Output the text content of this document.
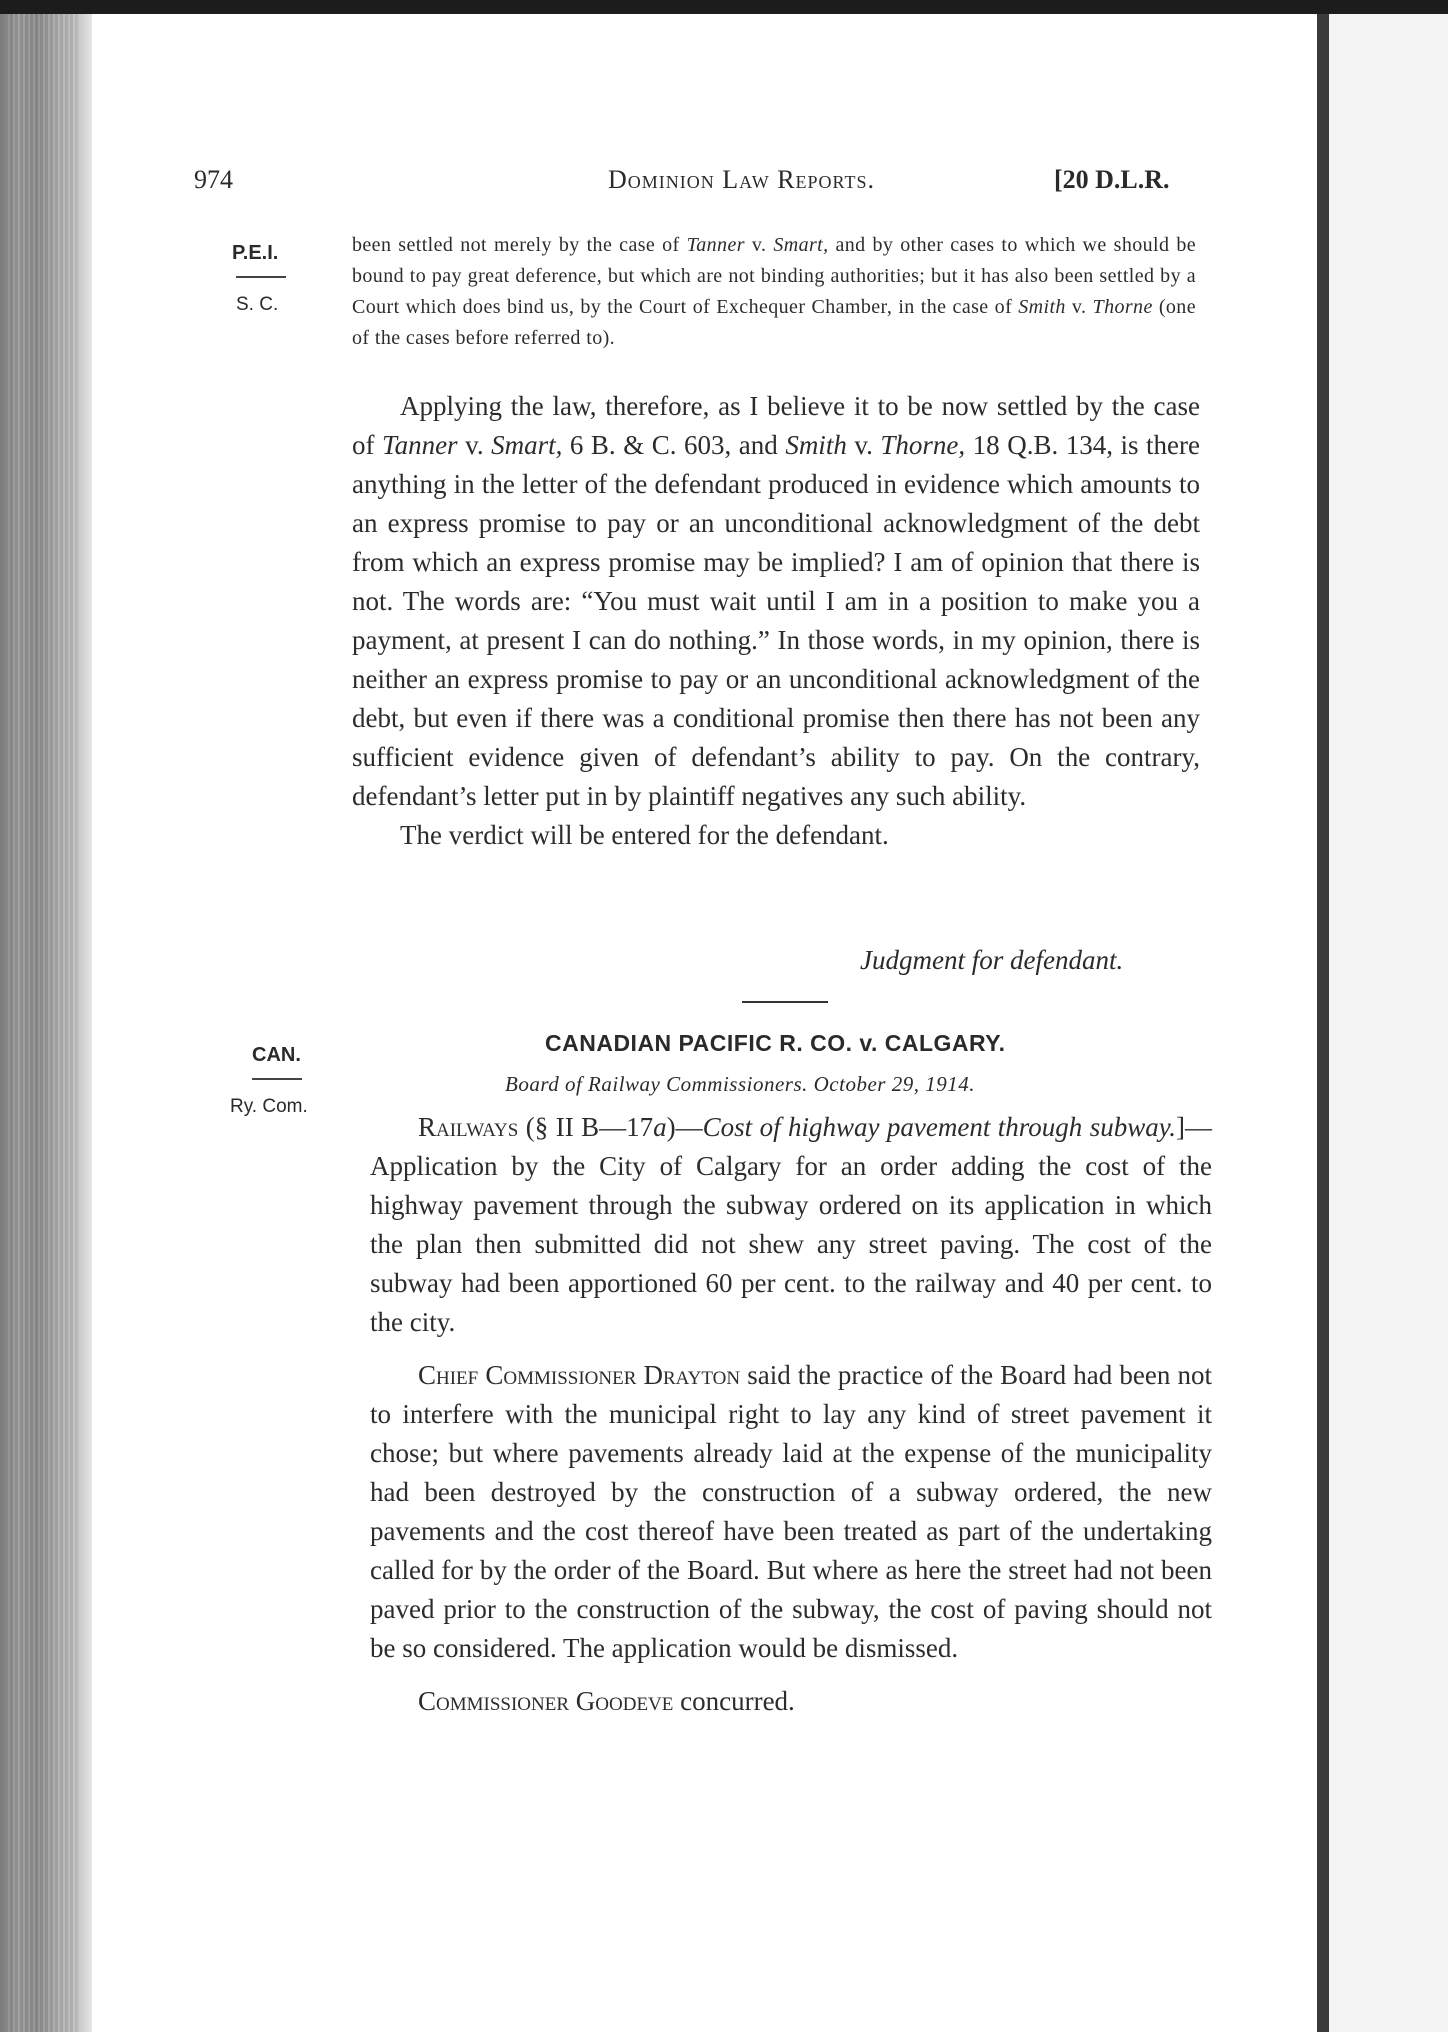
974	Dominion Law Reports.	[20 D.L.R.
P.E.I.
S. C.
CAN.
Ry. Com.
been settled not merely by the case of Tanner v. Smart, and by other cases to which we should be bound to pay great deference, but which are not binding authorities; but it has also been settled by a Court which does bind us, by the Court of Exchequer Chamber, in the case of Smith v. Thorne (one of the cases before referred to).

Applying the law, therefore, as I believe it to be now settled by the case of Tanner v. Smart, 6 B. & C. 603, and Smith v. Thorne, 18 Q.B. 134, is there anything in the letter of the defendant produced in evidence which amounts to an express promise to pay or an unconditional acknowledgment of the debt from which an express promise may be implied? I am of opinion that there is not. The words are: “You must wait until I am in a position to make you a payment, at present I can do nothing.” In those words, in my opinion, there is neither an express promise to pay or an unconditional acknowledgment of the debt, but even if there was a conditional promise then there has not been any sufficient evidence given of defendant’s ability to pay. On the contrary, defendant’s letter put in by plaintiff negatives any such ability.

The verdict will be entered for the defendant.

Judgment for defendant.
CANADIAN PACIFIC R. CO. v. CALGARY.
Board of Railway Commissioners. October 29, 1914.

Railways (§ II B—17a)—Cost of highway pavement through subway.]—Application by the City of Calgary for an order adding the cost of the highway pavement through the subway ordered on its application in which the plan then submitted did not shew any street paving. The cost of the subway had been apportioned 60 per cent. to the railway and 40 per cent. to the city.

Chief Commissioner Drayton said the practice of the Board had been not to interfere with the municipal right to lay any kind of street pavement it chose; but where pavements already laid at the expense of the municipality had been destroyed by the construction of a subway ordered, the new pavements and the cost thereof have been treated as part of the undertaking called for by the order of the Board. But where as here the street had not been paved prior to the construction of the subway, the cost of paving should not be so considered. The application would be dismissed.

Commissioner Goodeve concurred.
